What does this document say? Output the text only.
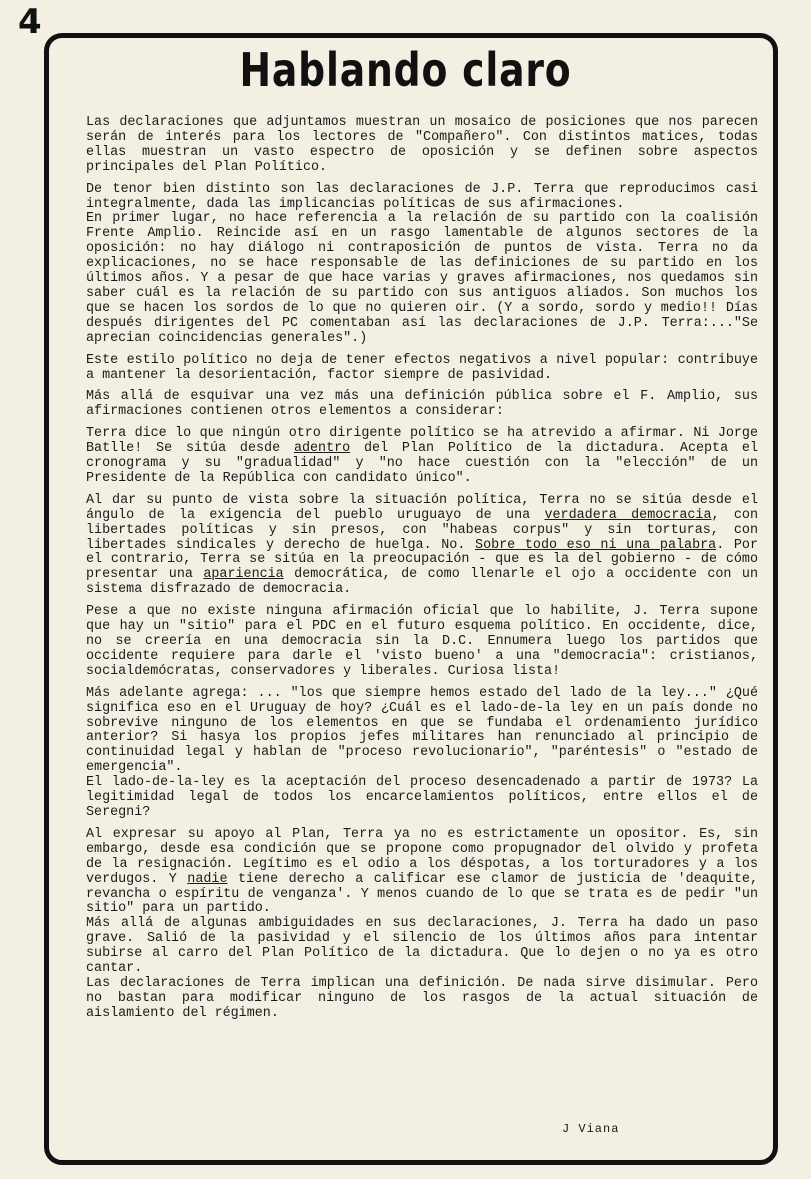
4
Hablando claro

Las declaraciones que adjuntamos muestran un mosaico de posiciones que nos parecen serán de interés para los lectores de "Compañero". Con distintos matices, todas ellas muestran un vasto espectro de oposición y se definen sobre aspectos principales del Plan Político.

De tenor bien distinto son las declaraciones de J.P. Terra que reproducimos casi integralmente, dada las implicancias políticas de sus afirmaciones.

En primer lugar, no hace referencia a la relación de su partido con la coalisión Frente Amplio. Reincide así en un rasgo lamentable de algunos sectores de la oposición: no hay diálogo ni contraposición de puntos de vista. Terra no da explicaciones, no se hace responsable de las definiciones de su partido en los últimos años. Y a pesar de que hace varias y graves afirmaciones, nos quedamos sin saber cuál es la relación de su partido con sus antiguos aliados. Son muchos los que se hacen los sordos de lo que no quieren oir. (Y a sordo, sordo y medio!! Días después dirigentes del PC comentaban así las declaraciones de J.P. Terra:..."Se aprecian coincidencias generales".)

Este estilo político no deja de tener efectos negativos a nivel popular: contribuye a mantener la desorientación, factor siempre de pasividad.

Más allá de esquivar una vez más una definición pública sobre el F. Amplio, sus afirmaciones contienen otros elementos a considerar:

Terra dice lo que ningún otro dirigente político se ha atrevido a afirmar. Ni Jorge Batlle! Se sitúa desde adentro del Plan Político de la dictadura. Acepta el cronograma y su "gradualidad" y "no hace cuestión con la "elección" de un Presidente de la República con candidato único".

Al dar su punto de vista sobre la situación política, Terra no se sitúa desde el ángulo de la exigencia del pueblo uruguayo de una verdadera democracia, con libertades políticas y sin presos, con "habeas corpus" y sin torturas, con libertades sindicales y derecho de huelga. No. Sobre todo eso ni una palabra. Por el contrario, Terra se sitúa en la preocupación - que es la del gobierno - de cómo presentar una apariencia democrática, de como llenarle el ojo a occidente con un sistema disfrazado de democracia.

Pese a que no existe ninguna afirmación oficial que lo habilite, J. Terra supone que hay un "sitio" para el PDC en el futuro esquema político. En occidente, dice, no se creería en una democracia sin la D.C. Ennumera luego los partidos que occidente requiere para darle el 'visto bueno' a una "democracia": cristianos, socialdemócratas, conservadores y liberales. Curiosa lista!

Más adelante agrega: ... "los que siempre hemos estado del lado de la ley..." ¿Qué significa eso en el Uruguay de hoy? ¿Cuál es el lado-de-la ley en un país donde no sobrevive ninguno de los elementos en que se fundaba el ordenamiento jurídico anterior? Si hasya los propios jefes militares han renunciado al principio de continuidad legal y hablan de "proceso revolucionario", "paréntesis" o "estado de emergencia".

El lado-de-la-ley es la aceptación del proceso desencadenado a partir de 1973? La legitimidad legal de todos los encarcelamientos políticos, entre ellos el de Seregni?

Al expresar su apoyo al Plan, Terra ya no es estrictamente un opositor. Es, sin embargo, desde esa condición que se propone como propugnador del olvido y profeta de la resignación. Legítimo es el odio a los déspotas, a los torturadores y a los verdugos. Y nadie tiene derecho a calificar ese clamor de justicia de 'deaquite, revancha o espíritu de venganza'. Y menos cuando de lo que se trata es de pedir "un sitio" para un partido.

Más allá de algunas ambiguidades en sus declaraciones, J. Terra ha dado un paso grave. Salió de la pasividad y el silencio de los últimos años para intentar subirse al carro del Plan Político de la dictadura. Que lo dejen o no ya es otro cantar.

Las declaraciones de Terra implican una definición. De nada sirve disimular. Pero no bastan para modificar ninguno de los rasgos de la actual situación de aislamiento del régimen.

J Viana
